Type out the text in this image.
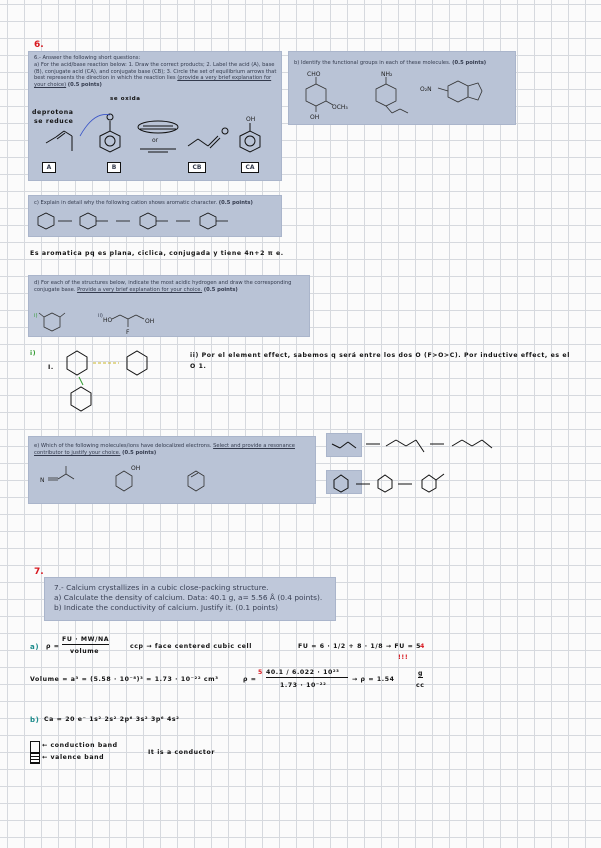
6.

6.- Answer the following short questions:

a) For the acid/base reaction below: 1. Draw the correct products; 2. Label the acid (A), base (B), conjugate acid (CA), and conjugate base (CB); 3. Circle the set of equilibrium arrows that best represents the direction in which the reaction lies (provide a very brief explanation for your choice) (0.5 points)

deprotona
se reduce
se oxida
or
OH
A	B	CB	CA

b) Identify the functional groups in each of these molecules. (0.5 points)

CHO	NH₂
OCH₃
OH
O₂N

c) Explain in detail why the following cation shows aromatic character. (0.5 points)

Es aromatica pq es plana, ciclica, conjugada y tiene 4n+2 π e.

d) For each of the structures below, indicate the most acidic hydrogen and draw the corresponding conjugate base. Provide a very brief explanation for your choice. (0.5 points)

i)	ii)
HO	OH
F
i)
I.
ii) Por el element effect, sabemos q será entre los dos O (F>O>C). Por inductive effect, es el O 1.

e) Which of the following molecules/ions have delocalized electrons. Select and provide a resonance contributor to justify your choice. (0.5 points)

N
OH
7.

7.- Calcium crystallizes in a cubic close-packing structure.

a) Calculate the density of calcium. Data: 40.1 g, a= 5.56 Å (0.4 points).

b) Indicate the conductivity of calcium. Justify it. (0.1 points)

a) ρ =
FU · MW/NA
volume
ccp → face centered cubic cell	FU = 6 · 1/2 + 8 · 1/8 → FU = 5
4
!!!
Volume = a³ = (5.58 · 10⁻⁸)³ = 1.73 · 10⁻²² cm³	ρ =
5 40.1 / 6.022 · 10²³
1.73 · 10⁻²²
→ ρ = 1.54
g
cc
b) Ca = 20 e⁻ 1s² 2s² 2p⁶ 3s² 3p⁶ 4s²
← conduction band
← valence band
It is a conductor
